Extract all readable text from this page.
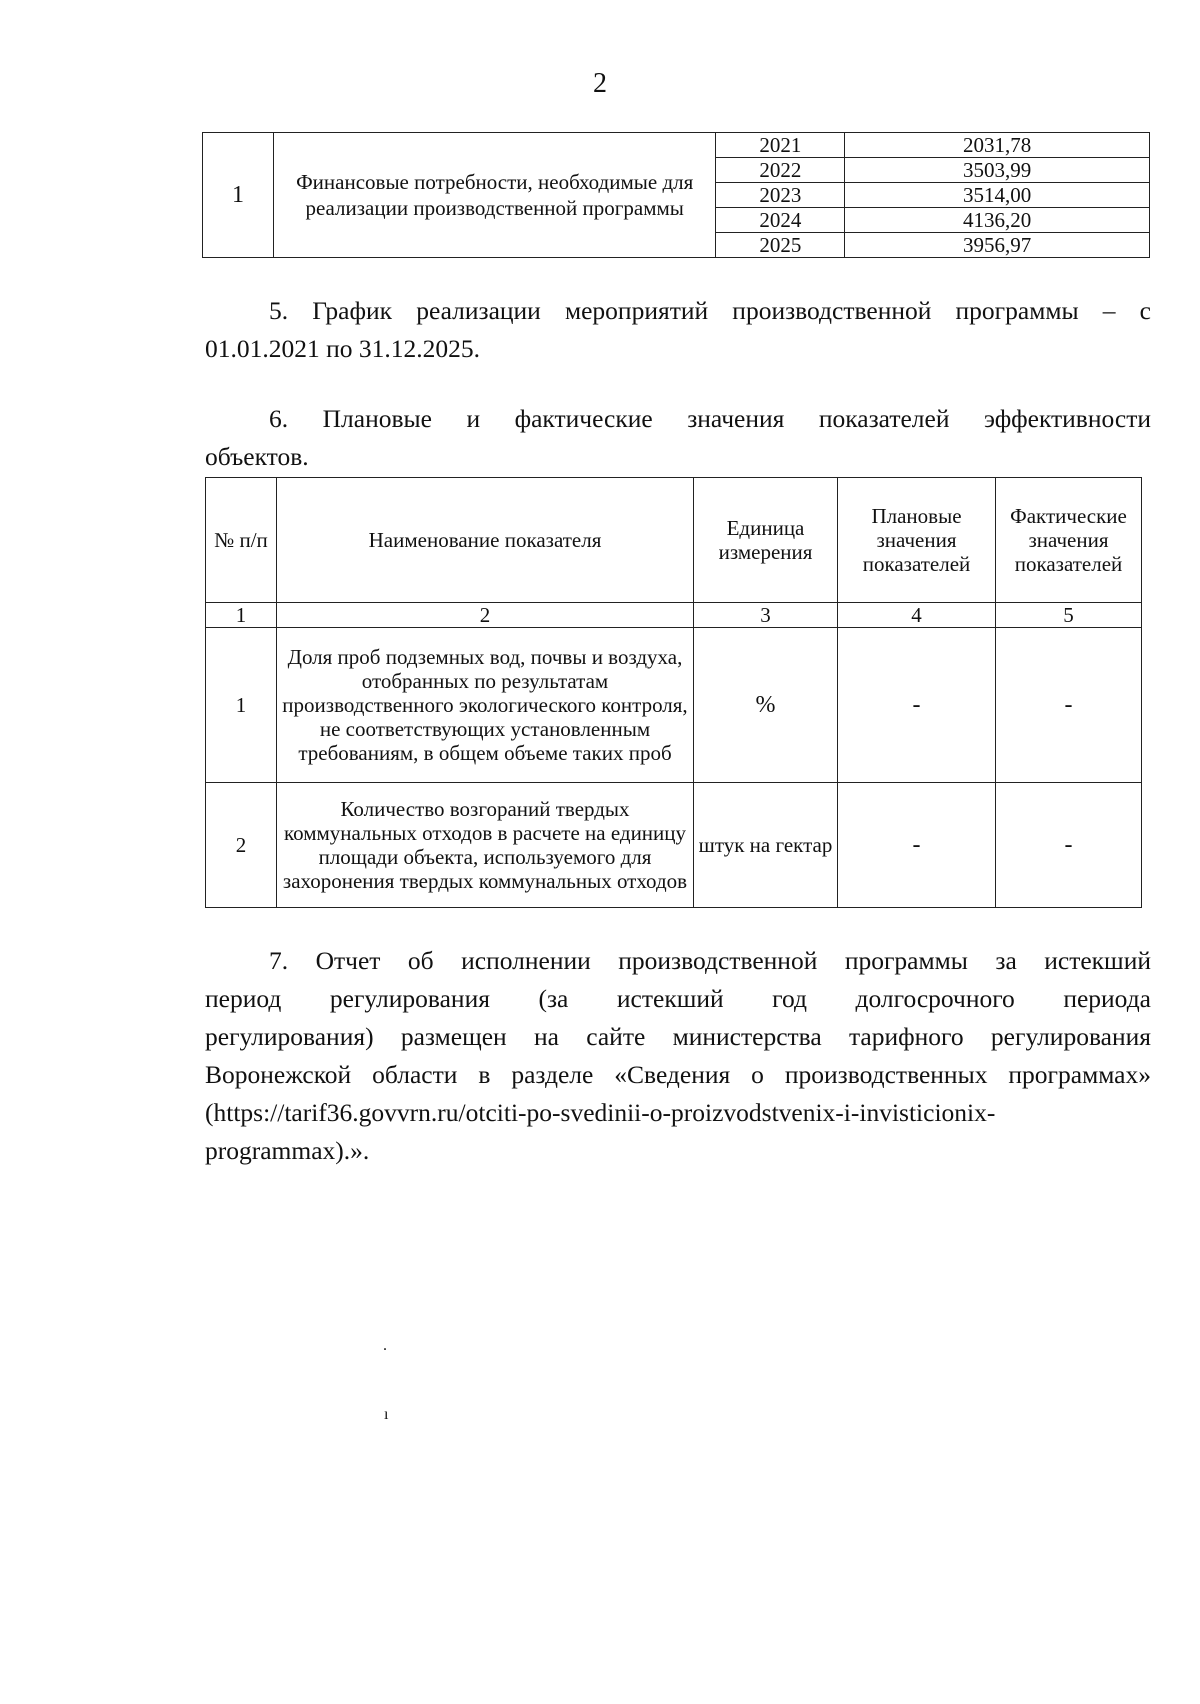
2
1	Финансовые потребности, необходимые для реализации производственной программы	2021	2031,78
		2022	3503,99
		2023	3514,00
		2024	4136,20
		2025	3956,97
5. График реализации мероприятий производственной программы – с
01.01.2021 по 31.12.2025.
6. Плановые и фактические значения показателей эффективности
объектов.
№ п/п	Наименование показателя	Единица измерения	Плановые значения показателей	Фактические значения показателей
1	2	3	4	5
1	Доля проб подземных вод, почвы и воздуха, отобранных по результатам производственного экологического контроля, не соответствующих установленным требованиям, в общем объеме таких проб	%	-	-
2	Количество возгораний твердых коммунальных отходов в расчете на единицу площади объекта, используемого для захоронения твердых коммунальных отходов	штук на гектар	-	-
7. Отчет об исполнении производственной программы за истекший
период регулирования (за истекший год долгосрочного периода
регулирования) размещен на сайте министерства тарифного регулирования
Воронежской области в разделе «Сведения о производственных программах»
(https://tarif36.govvrn.ru/otciti-po-svedinii-o-proizvodstvenix-i-invisticionix-
programmax).».
.
ı
